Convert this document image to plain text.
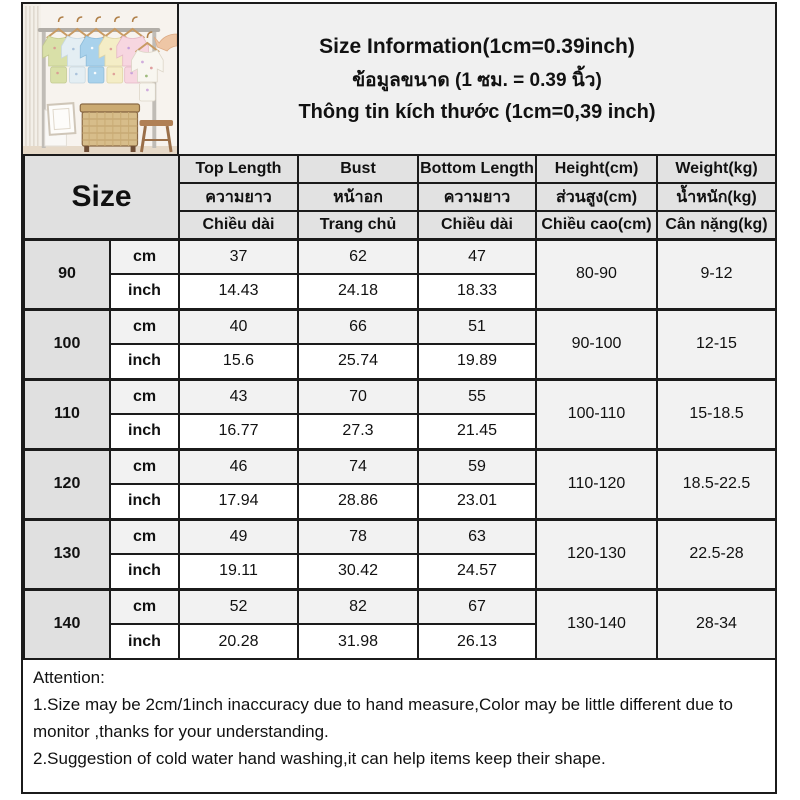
Size Information(1cm=0.39inch)
ข้อมูลขนาด (1 ซม. = 0.39 นิ้ว)
Thông tin kích thước (1cm=0,39 inch)
Size		Top Length	Bust	Bottom Length	Height(cm)	Weight(kg)
		ความยาว	หน้าอก	ความยาว	ส่วนสูง(cm)	น้ำหนัก(kg)
		Chiều dài	Trang chủ	Chiều dài	Chiều cao(cm)	Cân nặng(kg)
90	cm	37	62	47	80-90	9-12
	inch	14.43	24.18	18.33		
100	cm	40	66	51	90-100	12-15
	inch	15.6	25.74	19.89		
110	cm	43	70	55	100-110	15-18.5
	inch	16.77	27.3	21.45		
120	cm	46	74	59	110-120	18.5-22.5
	inch	17.94	28.86	23.01		
130	cm	49	78	63	120-130	22.5-28
	inch	19.11	30.42	24.57		
140	cm	52	82	67	130-140	28-34
	inch	20.28	31.98	26.13		

Attention:

1.Size may be 2cm/1inch inaccuracy due to hand measure,Color may be little different due to monitor ,thanks for your understanding.

2.Suggestion of cold water hand washing,it can help items keep their shape.
